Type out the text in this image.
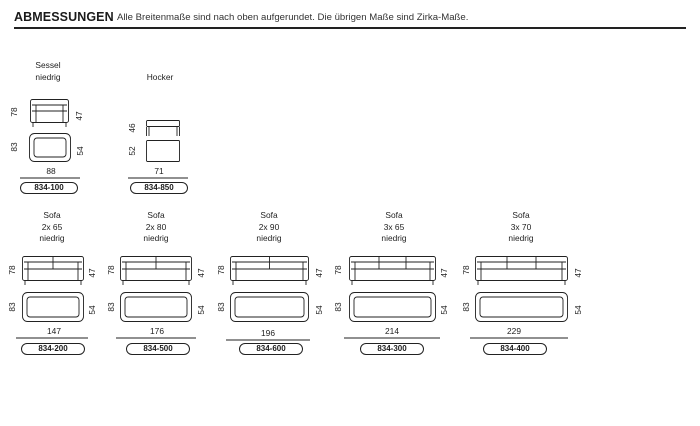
ABMESSUNGEN Alle Breitenmaße sind nach oben aufgerundet. Die übrigen Maße sind Zirka-Maße.
Sessel
niedrig
78	47
83	54
88
834-100
Hocker
46
52
71
834-850
Sofa
2x 65
niedrig
78	47
83	54
147
834-200
Sofa
2x 80
niedrig
78	47
83	54
176
834-500
Sofa
2x 90
niedrig
78	47
83	54
196
834-600
Sofa
3x 65
niedrig
78	47
83	54
214
834-300
Sofa
3x 70
niedrig
78	47
83	54
229
834-400
